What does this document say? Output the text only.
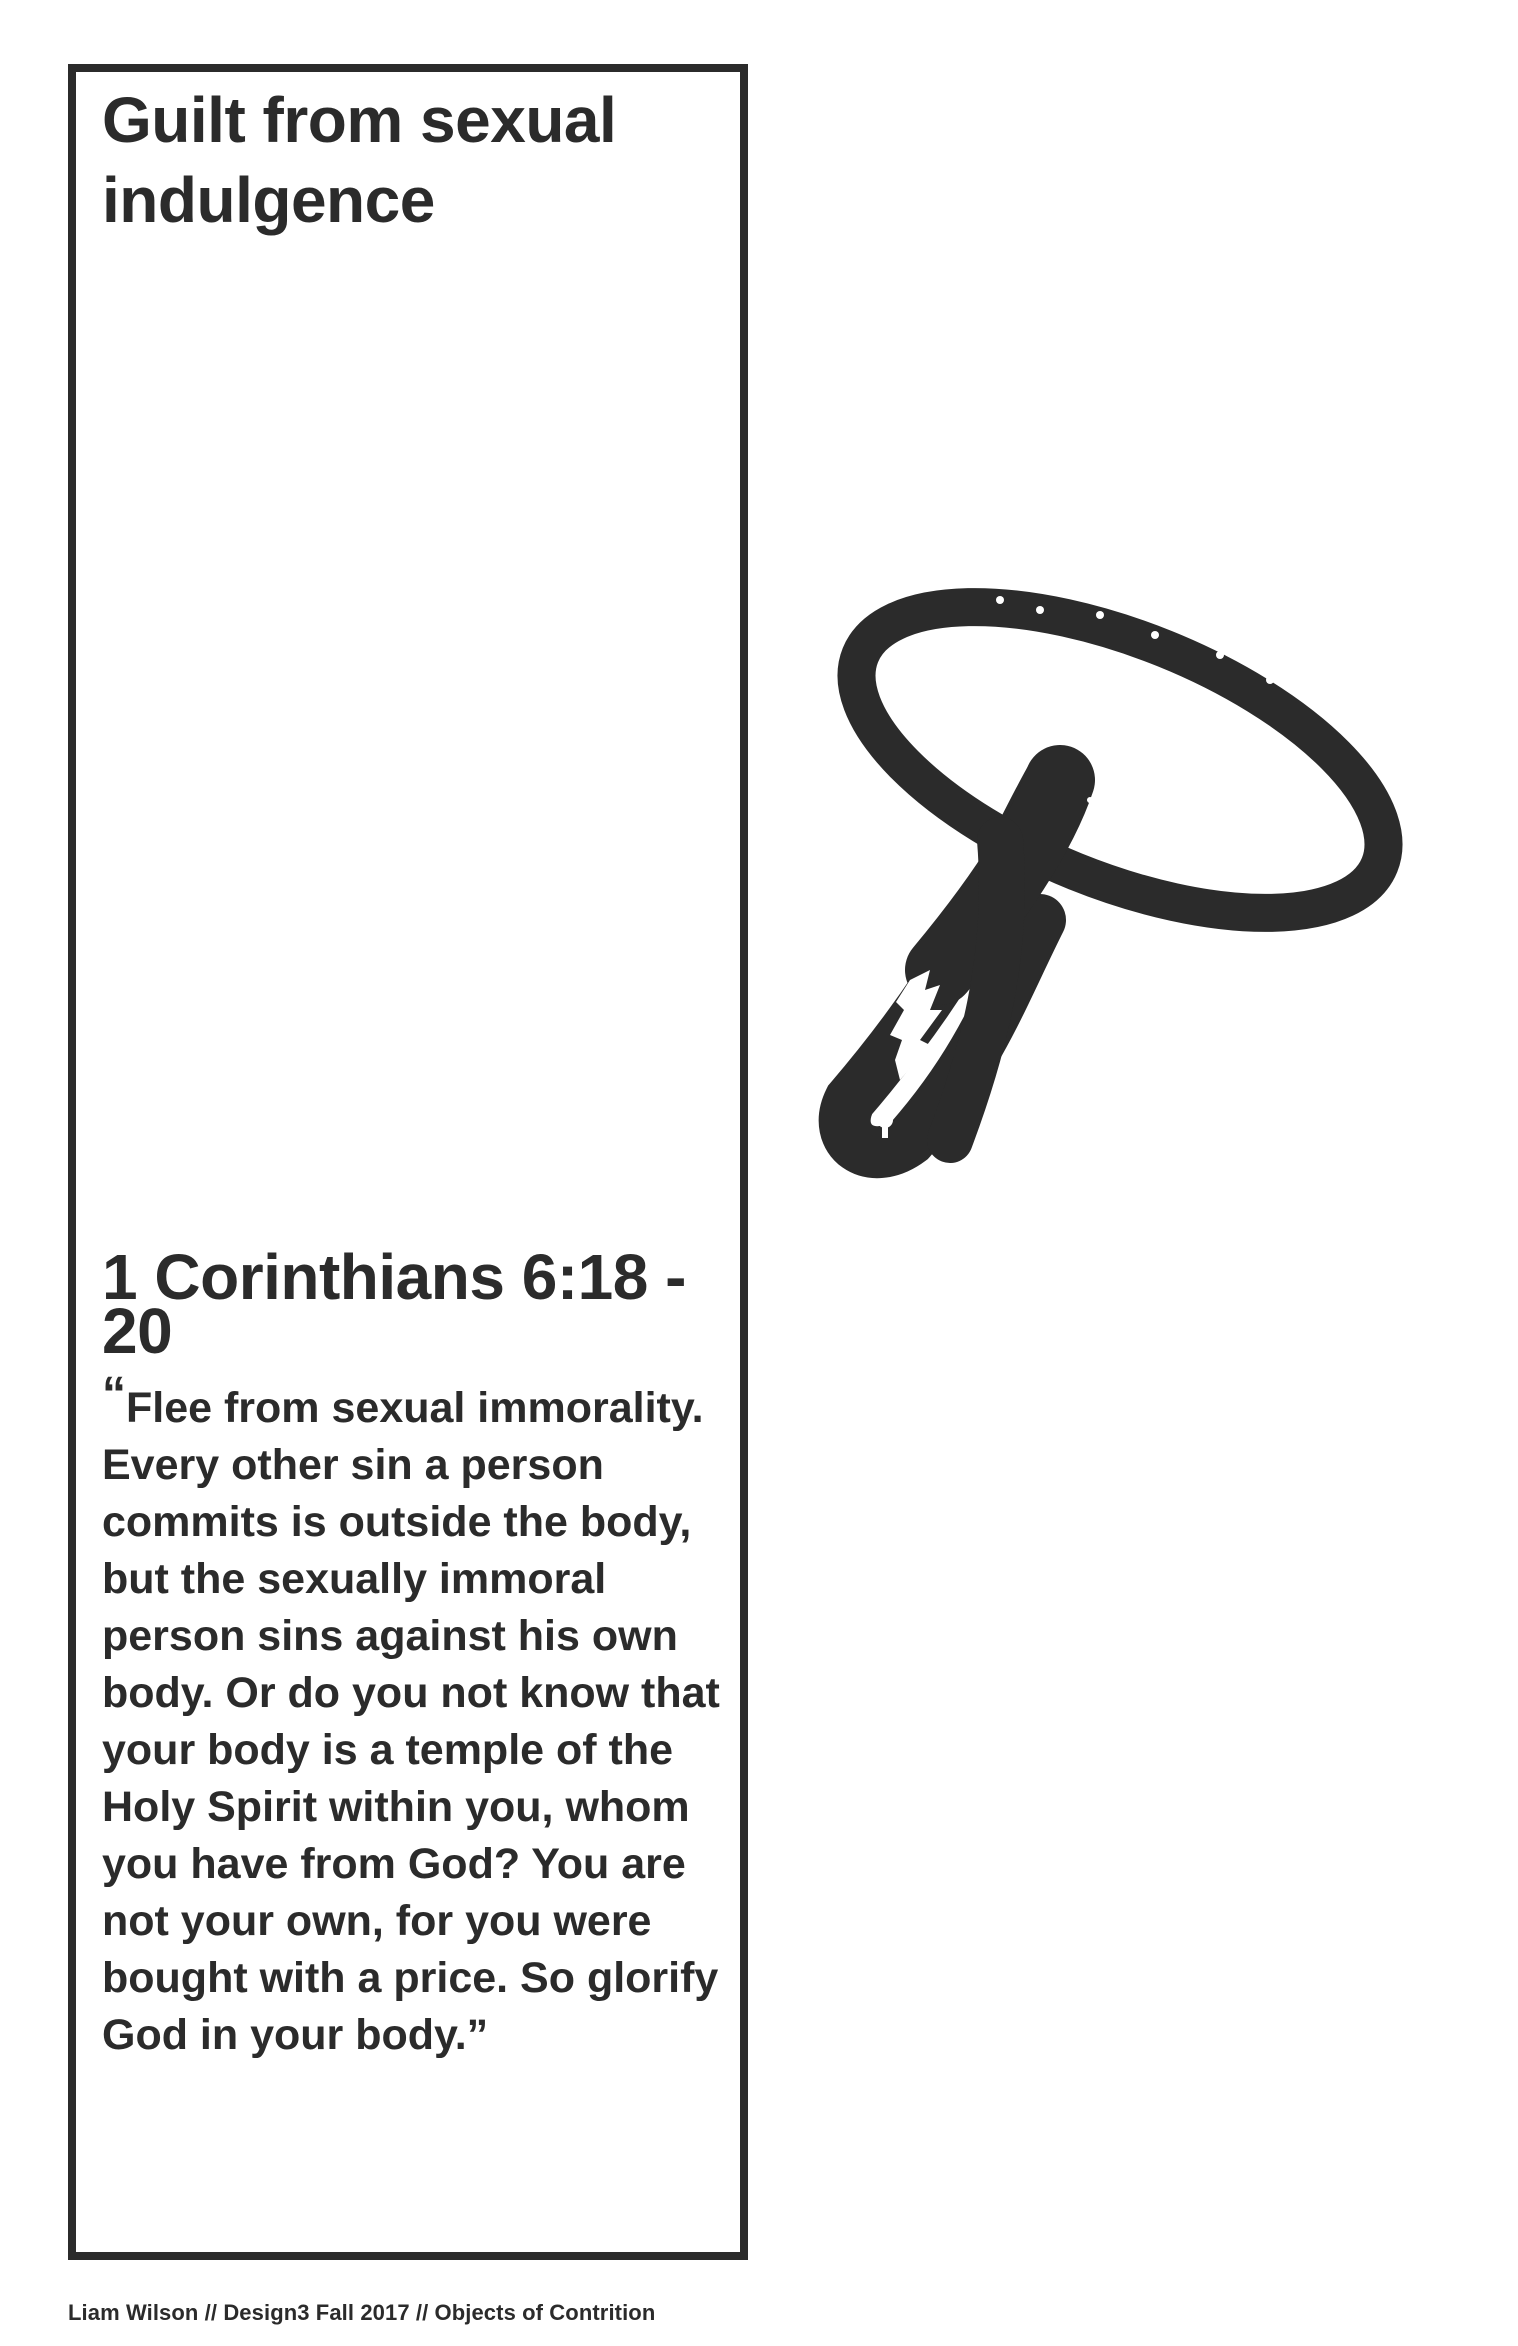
Guilt from sexual indulgence
1 Corinthians 6:18 - 20

“Flee from sexual immorality. Every other sin a person commits is outside the body, but the sexually immoral person sins against his own body. Or do you not know that your body is a temple of the Holy Spirit within you, whom you have from God? You are not your own, for you were bought with a price. So glorify God in your body.”

Liam Wilson // Design3 Fall 2017 // Objects of Contrition
